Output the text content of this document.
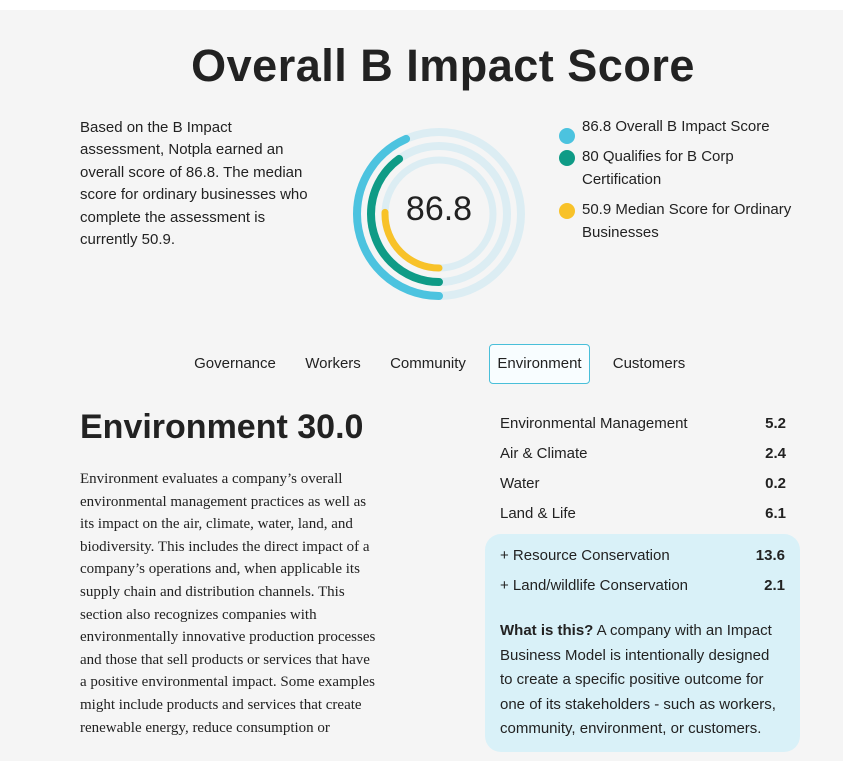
Overall B Impact Score

Based on the B Impact assessment, Notpla earned an overall score of 86.8. The median score for ordinary businesses who complete the assessment is currently 50.9.

86.8
86.8 Overall B Impact Score
80 Qualifies for B Corp Certification
50.9 Median Score for Ordinary Businesses
Governance Workers Community	Environment	Customers
Environment 30.0

Environment evaluates a company’s overall environmental management practices as well as its impact on the air, climate, water, land, and biodiversity. This includes the direct impact of a company’s operations and, when applicable its supply chain and distribution channels. This section also recognizes companies with environmentally innovative production processes and those that sell products or services that have a positive environmental impact. Some examples might include products and services that create renewable energy, reduce consumption or

Environmental Management	5.2
Air & Climate	2.4
Water	0.2
Land & Life	6.1
+ Resource Conservation	13.6
+ Land/wildlife Conservation	2.1

What is this? A company with an Impact Business Model is intentionally designed to create a specific positive outcome for one of its stakeholders - such as workers, community, environment, or customers.
